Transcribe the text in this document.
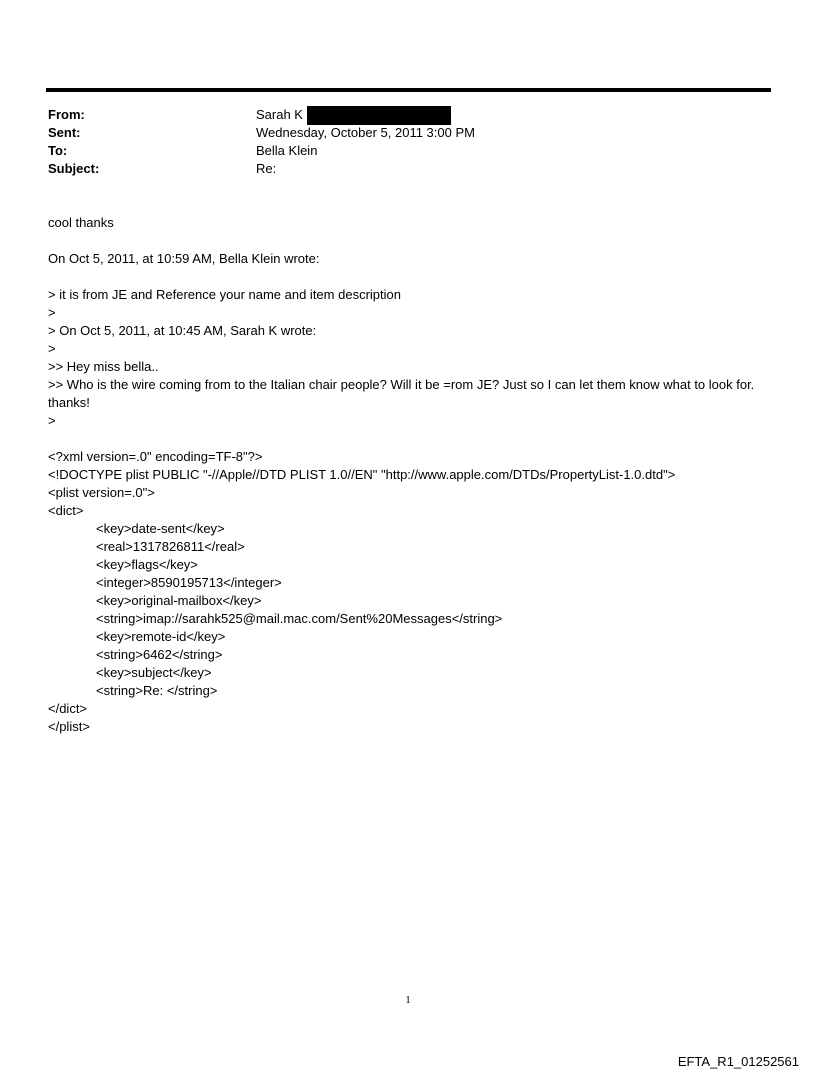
From:	Sarah K
Sent:	Wednesday, October 5, 2011 3:00 PM
To:	Bella Klein
Subject:	Re:
cool thanks
On Oct 5, 2011, at 10:59 AM, Bella Klein wrote:
> it is from JE and Reference your name and item description
>
> On Oct 5, 2011, at 10:45 AM, Sarah K wrote:
>
>> Hey miss bella..
>> Who is the wire coming from to the Italian chair people? Will it be =rom JE? Just so I can let them know what to look for. thanks!
>
<?xml version=.0" encoding=TF-8"?>
<!DOCTYPE plist PUBLIC "-//Apple//DTD PLIST 1.0//EN" "http://www.apple.com/DTDs/PropertyList-1.0.dtd">
<plist version=.0">
<dict>
<key>date-sent</key>
<real>1317826811</real>
<key>flags</key>
<integer>8590195713</integer>
<key>original-mailbox</key>
<string>imap://sarahk525@mail.mac.com/Sent%20Messages</string>
<key>remote-id</key>
<string>6462</string>
<key>subject</key>
<string>Re: </string>
</dict>
</plist>
1
EFTA_R1_01252561
